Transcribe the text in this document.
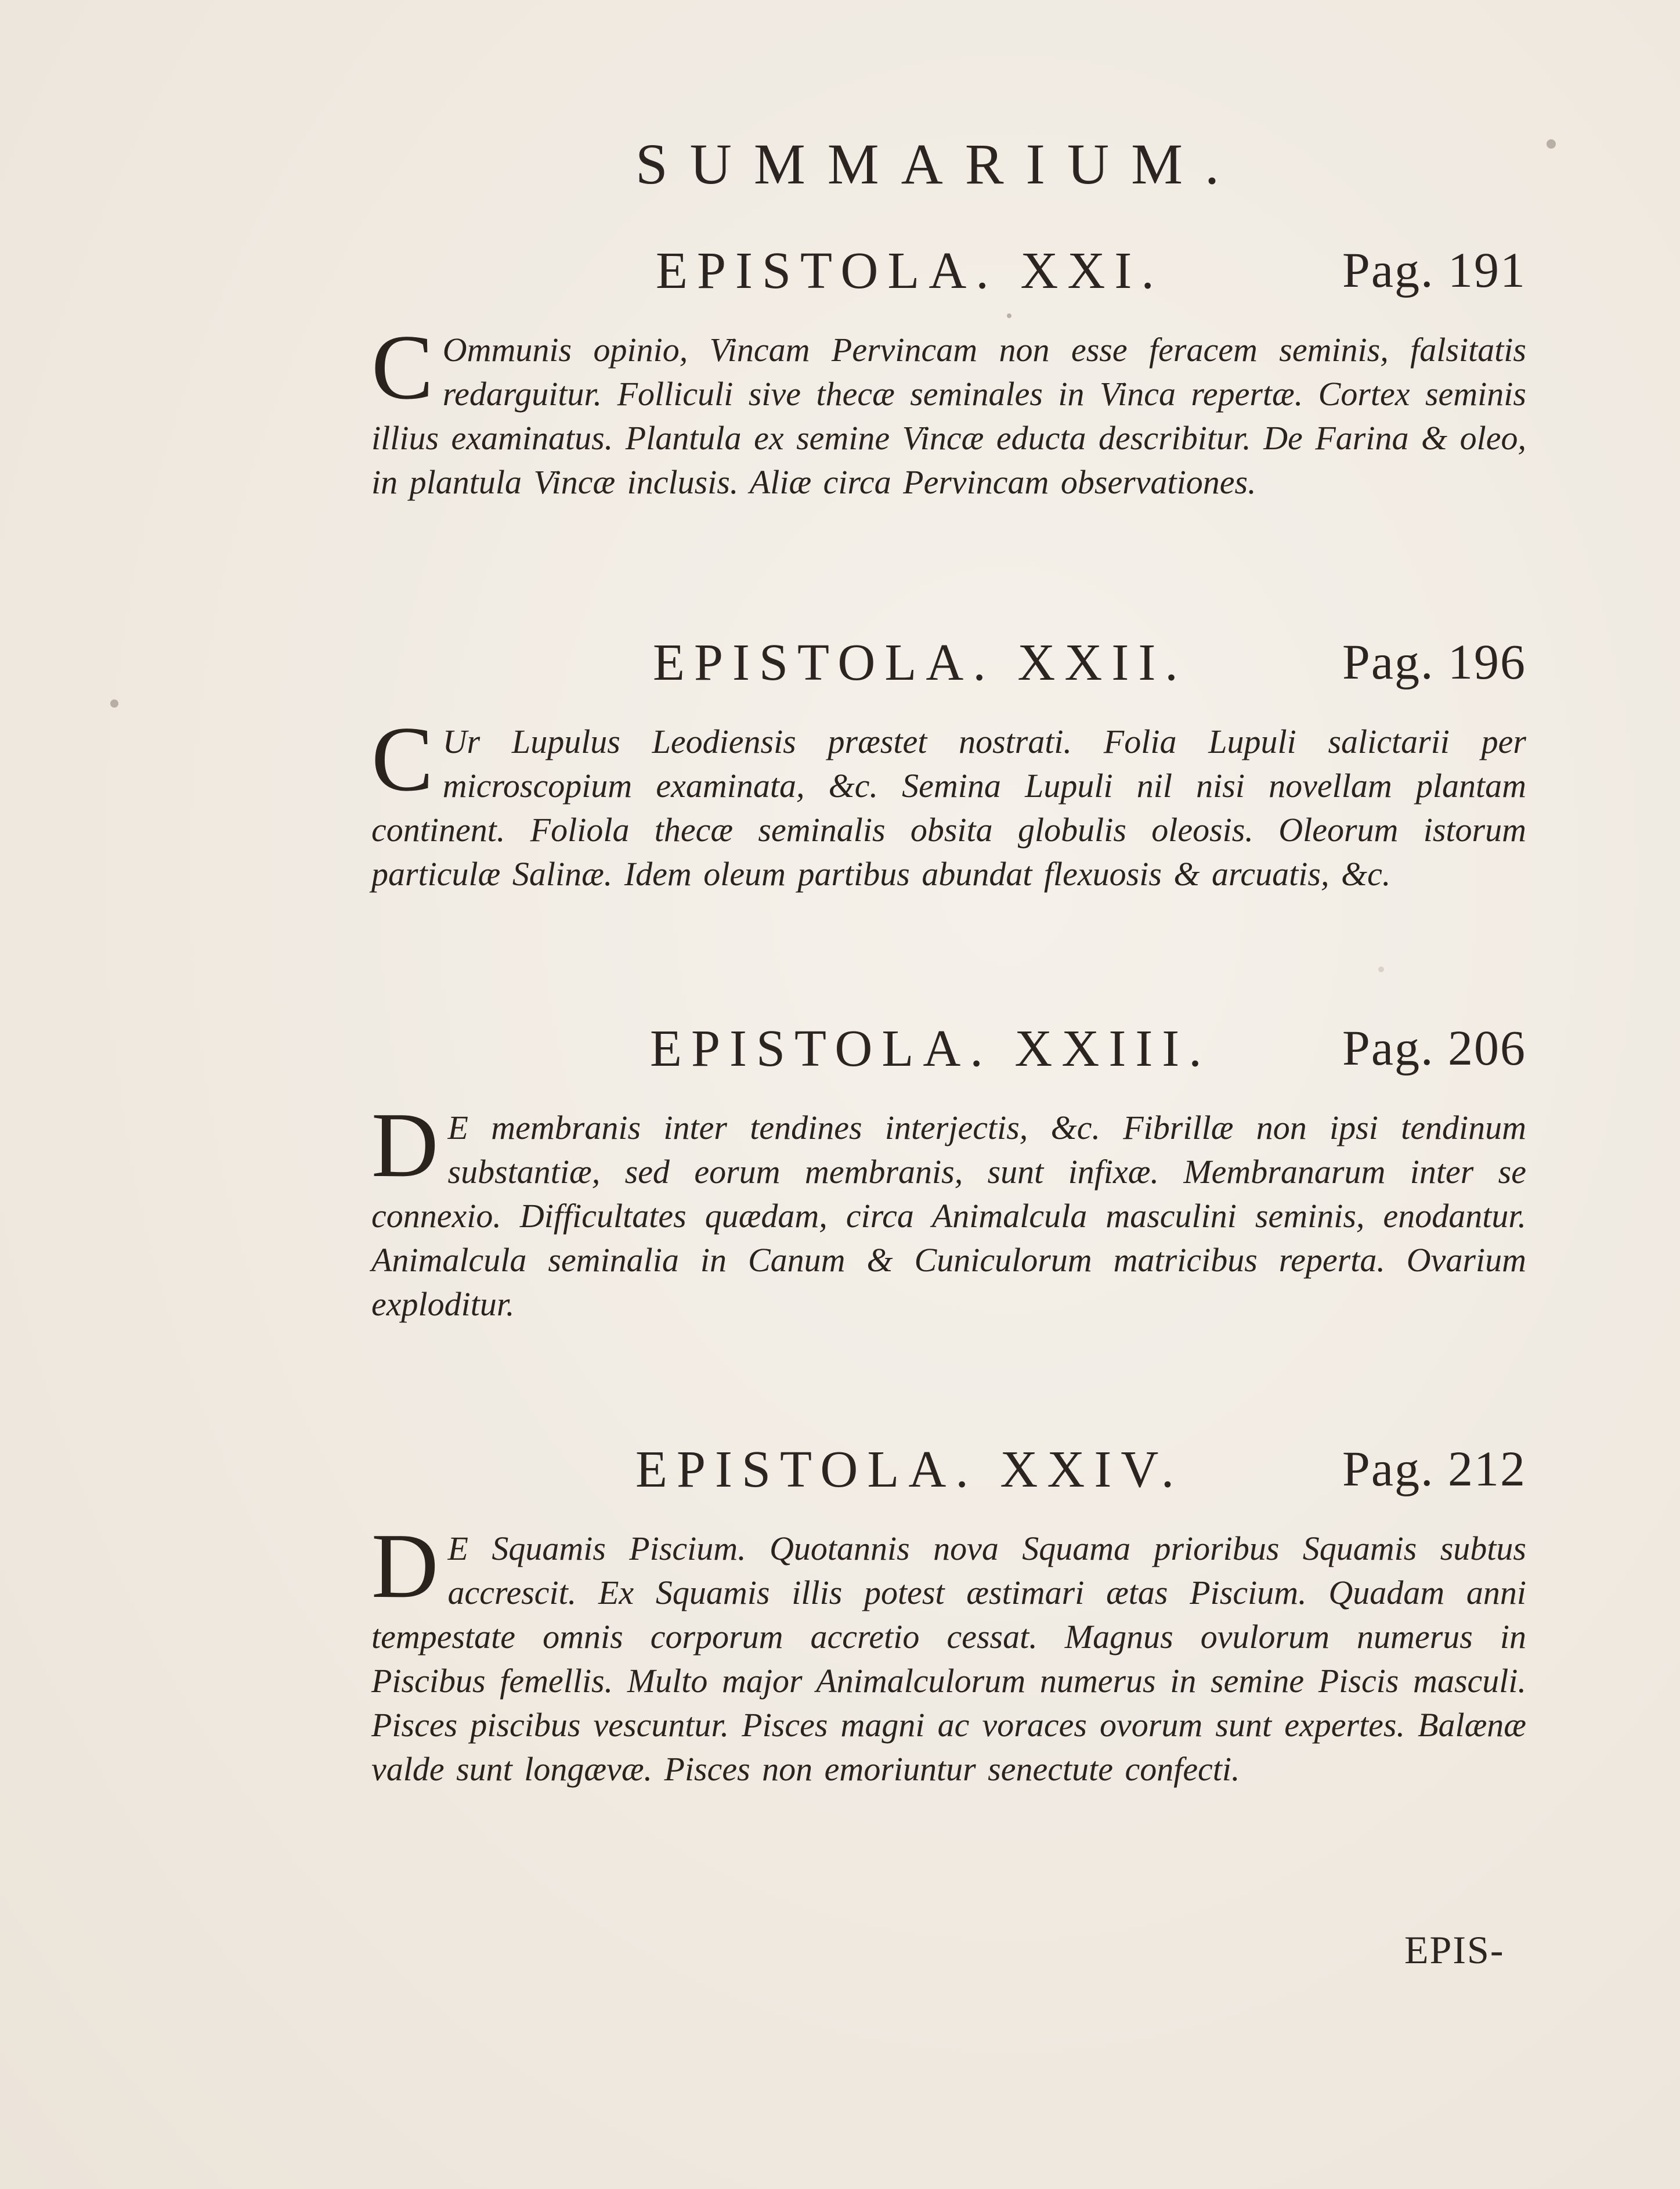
SUMMARIUM.
EPISTOLA. XXI.	Pag. 191
C Ommunis opinio, Vincam Pervincam non esse feracem seminis, falsitatis redarguitur. Folliculi sive thecæ seminales in Vinca repertæ. Cortex seminis illius examinatus. Plantula ex semine Vincæ educta describitur. De Farina & oleo, in plantula Vincæ inclusis. Aliæ circa Pervincam observationes.
EPISTOLA. XXII.	Pag. 196
C Ur Lupulus Leodiensis præstet nostrati. Folia Lupuli salictarii per microscopium examinata, &c. Semina Lupuli nil nisi novellam plantam continent. Foliola thecæ seminalis obsita globulis oleosis. Oleorum istorum particulæ Salinæ. Idem oleum partibus abundat flexuosis & arcuatis, &c.
EPISTOLA. XXIII.	Pag. 206
D E membranis inter tendines interjectis, &c. Fibrillæ non ipsi tendinum substantiæ, sed eorum membranis, sunt infixæ. Membranarum inter se connexio. Difficultates quædam, circa Animalcula masculini seminis, enodantur. Animalcula seminalia in Canum & Cuniculorum matricibus reperta. Ovarium exploditur.
EPISTOLA. XXIV.	Pag. 212
D E Squamis Piscium. Quotannis nova Squama prioribus Squamis subtus accrescit. Ex Squamis illis potest æstimari ætas Piscium. Quadam anni tempestate omnis corporum accretio cessat. Magnus ovulorum numerus in Piscibus femellis. Multo major Animalculorum numerus in semine Piscis masculi. Pisces piscibus vescuntur. Pisces magni ac voraces ovorum sunt expertes. Balænæ valde sunt longævæ. Pisces non emoriuntur senectute confecti.
EPIS-
